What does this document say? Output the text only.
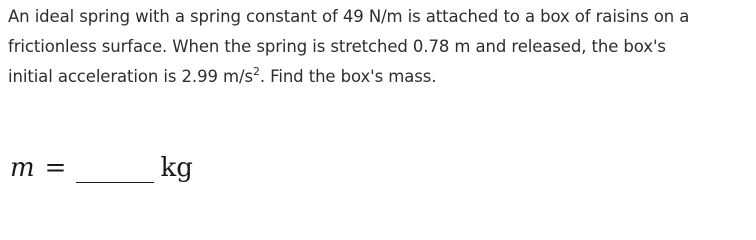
An ideal spring with a spring constant of 49 N/m is attached to a box of raisins on a
frictionless surface. When the spring is stretched 0.78 m and released, the box's
initial acceleration is 2.99 $m/s^2$. Find the box's mass.
m =	kg
